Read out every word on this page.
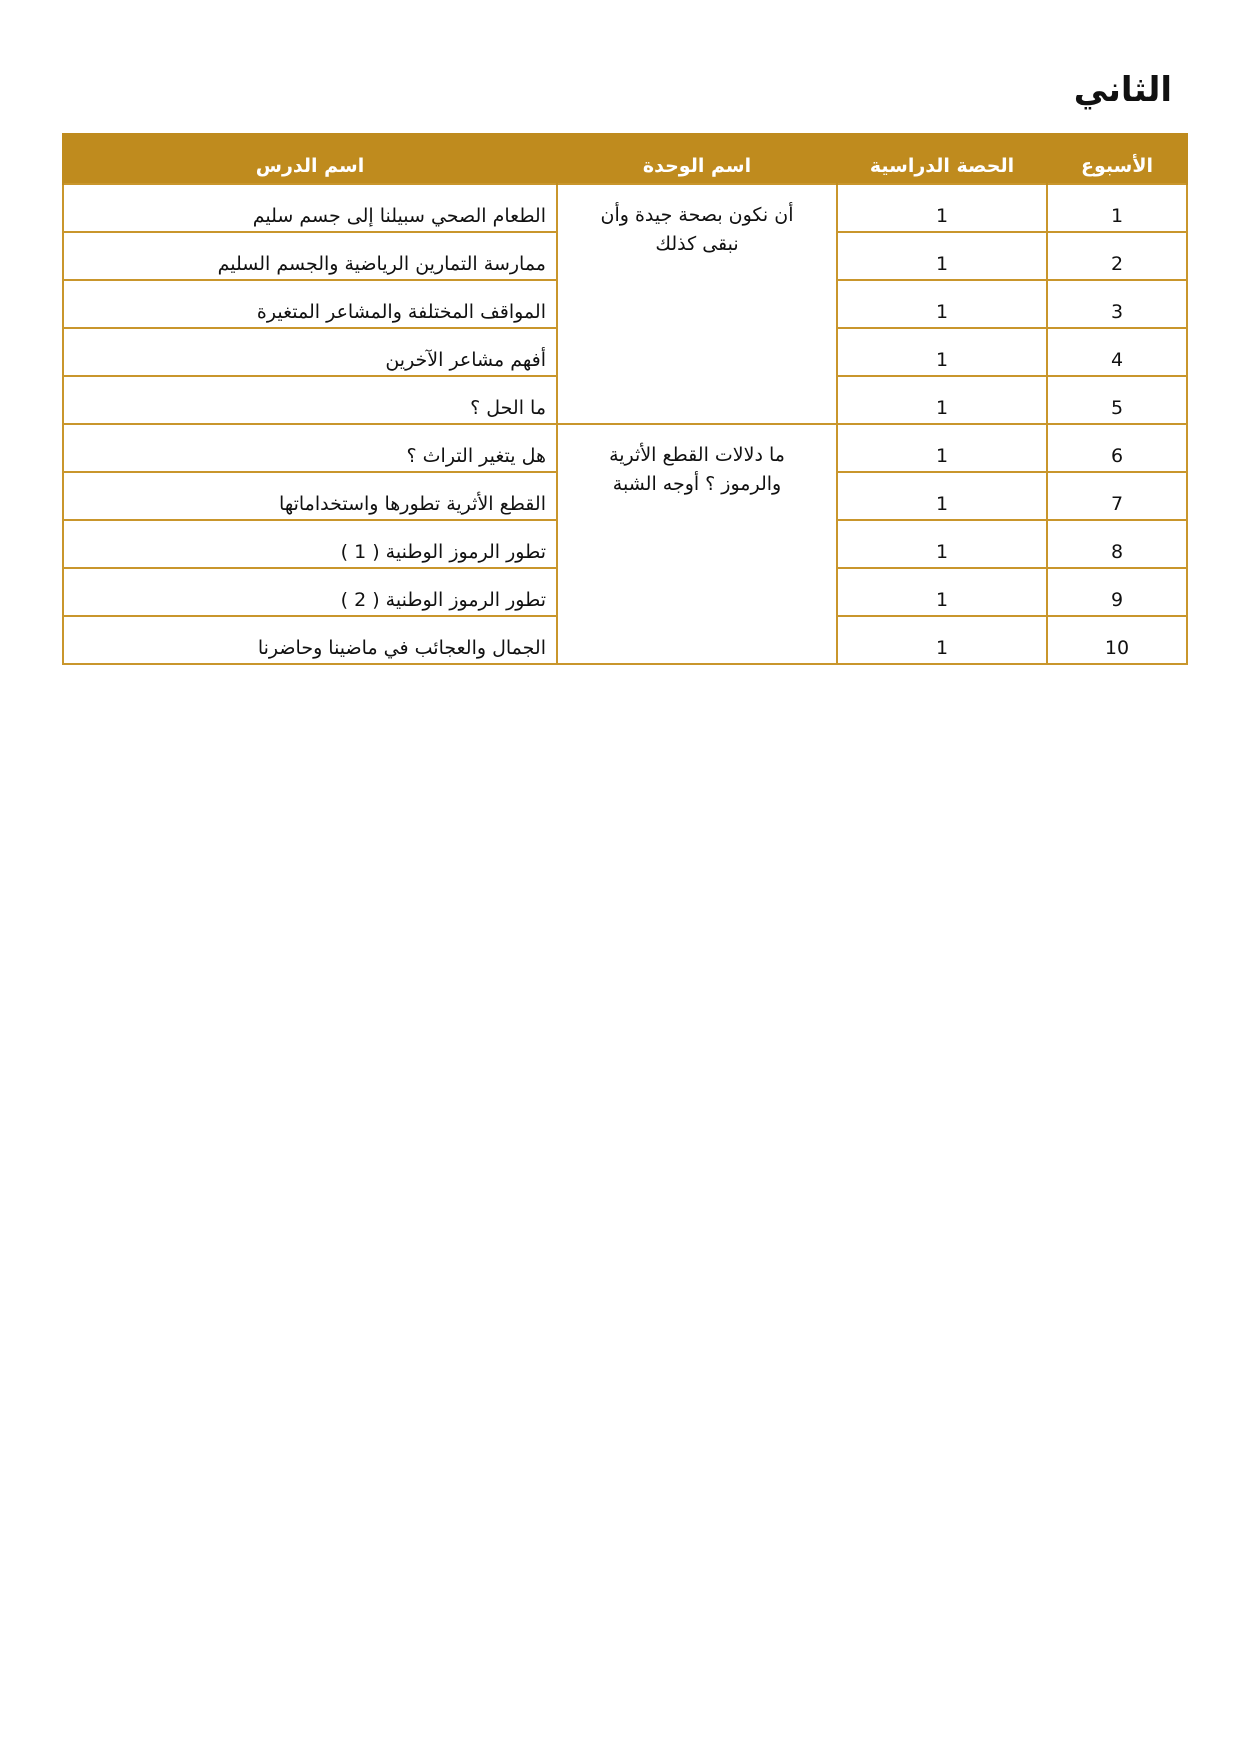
الثاني
الأسبوع	الحصة الدراسية	اسم الوحدة	اسم الدرس
1	1	أن نكون بصحة جيدة وأن نبقى كذلك	الطعام الصحي سبيلنا إلى جسم سليم
2	1		ممارسة التمارين الرياضية والجسم السليم
3	1		المواقف المختلفة والمشاعر المتغيرة
4	1		أفهم مشاعر الآخرين
5	1		ما الحل ؟
6	1	ما دلالات القطع الأثرية والرموز ؟ أوجه الشبة	هل يتغير التراث ؟
7	1		القطع الأثرية تطورها واستخداماتها
8	1		تطور الرموز الوطنية ( 1 )
9	1		تطور الرموز الوطنية ( 2 )
10	1		الجمال والعجائب في ماضينا وحاضرنا
